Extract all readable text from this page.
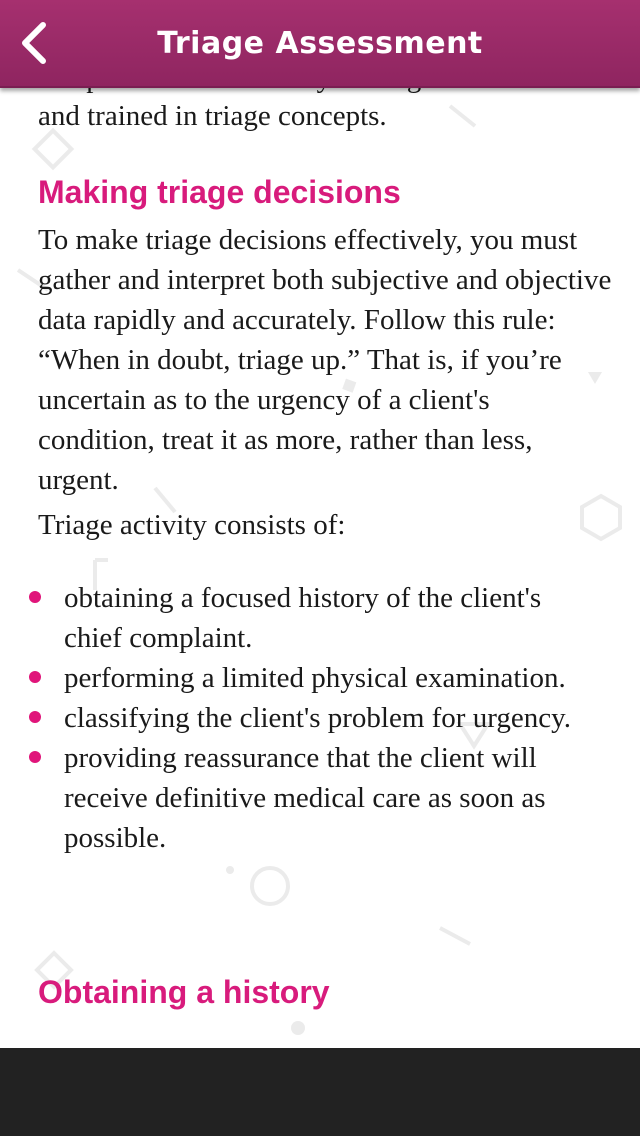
and trained in triage concepts.
Making triage decisions

To make triage decisions effectively, you must gather and interpret both subjective and objective data rapidly and accurately. Follow this rule: “When in doubt, triage up.” That is, if you’re uncertain as to the urgency of a client's condition, treat it as more, rather than less, urgent.

Triage activity consists of:

obtaining a focused history of the client's chief complaint.
performing a limited physical examination.
classifying the client's problem for urgency.
providing reassurance that the client will receive definitive medical care as soon as possible.
Obtaining a history
Triage Assessment
